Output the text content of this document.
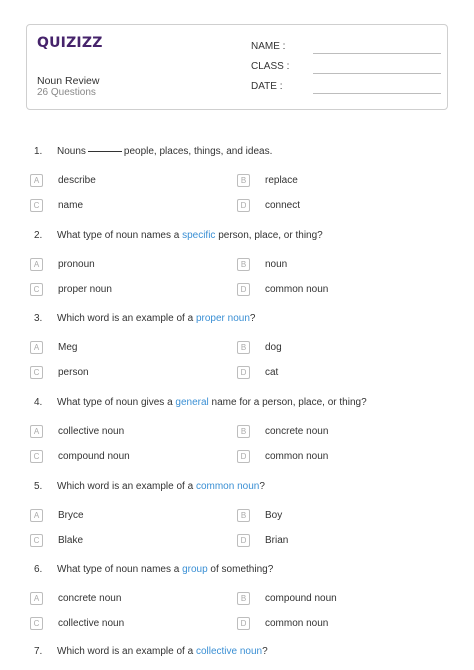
QUIZIZZ
Noun Review
26 Questions
NAME :
CLASS :
DATE :
1. Nouns	people, places, things, and ideas.
A	describe	B	replace
C	name	D	connect
2. What type of noun names a specific person, place, or thing?
A	pronoun	B	noun
C	proper noun	D	common noun
3. Which word is an example of a proper noun?
A	Meg	B	dog
C	person	D	cat
4. What type of noun gives a general name for a person, place, or thing?
A	collective noun	B	concrete noun
C	compound noun	D	common noun
5. Which word is an example of a common noun?
A	Bryce	B	Boy
C	Blake	D	Brian
6. What type of noun names a group of something?
A	concrete noun	B	compound noun
C	collective noun	D	common noun
7. Which word is an example of a collective noun?
